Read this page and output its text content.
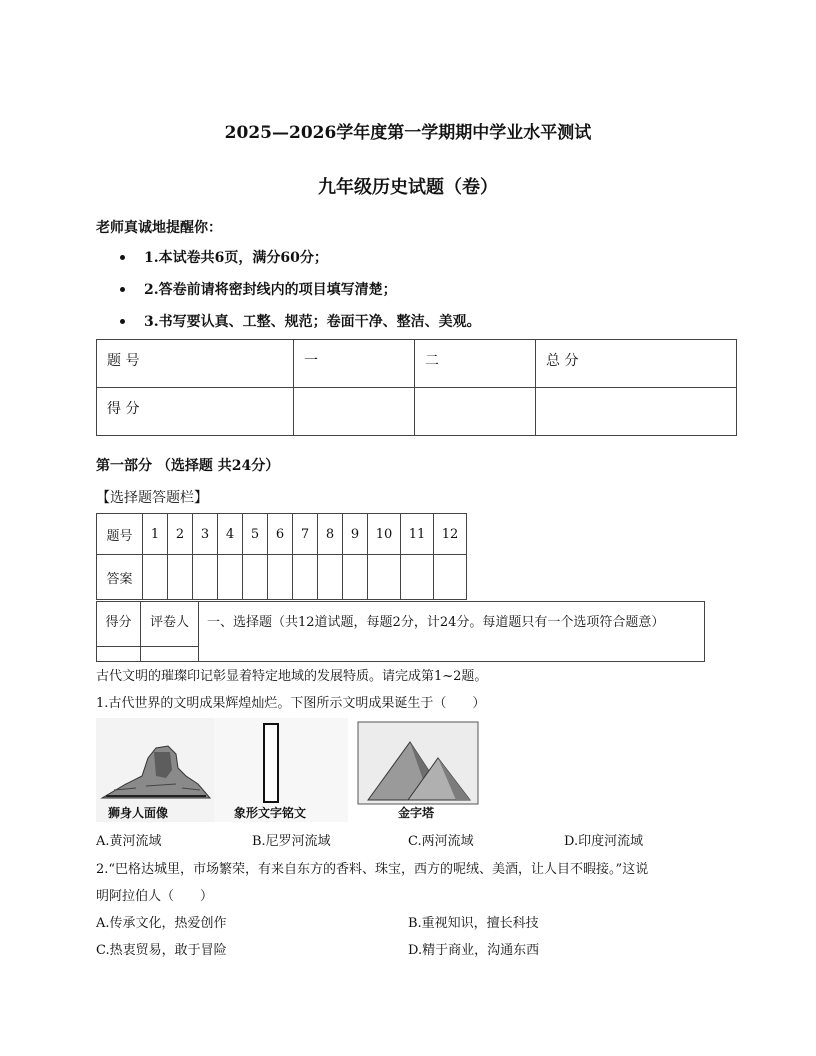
2025—2026学年度第一学期期中学业水平测试
九年级历史试题（卷）
老师真诚地提醒你：
1.本试卷共6页，满分60分；
2.答卷前请将密封线内的项目填写清楚；
3.书写要认真、工整、规范；卷面干净、整洁、美观。
题 号	一	二	总 分
得 分			
第一部分 （选择题 共24分）
【选择题答题栏】
题号	1	2	3	4	5	6	7	8	9	10	11	12
答案												
得分	评卷人	一、选择题（共12道试题，每题2分，计24分。每道题只有一个选项符合题意）

古代文明的璀璨印记彰显着特定地域的发展特质。请完成第1~2题。
1.古代世界的文明成果辉煌灿烂。下图所示文明成果诞生于（　　）
狮身人面像	象形文字铭文	金字塔
A.黄河流域	B.尼罗河流域	C.两河流域	D.印度河流域
2.“巴格达城里，市场繁荣，有来自东方的香料、珠宝，西方的呢绒、美酒，让人目不暇接。”这说
明阿拉伯人（　　）
A.传承文化，热爱创作	B.重视知识，擅长科技
C.热衷贸易，敢于冒险	D.精于商业，沟通东西
